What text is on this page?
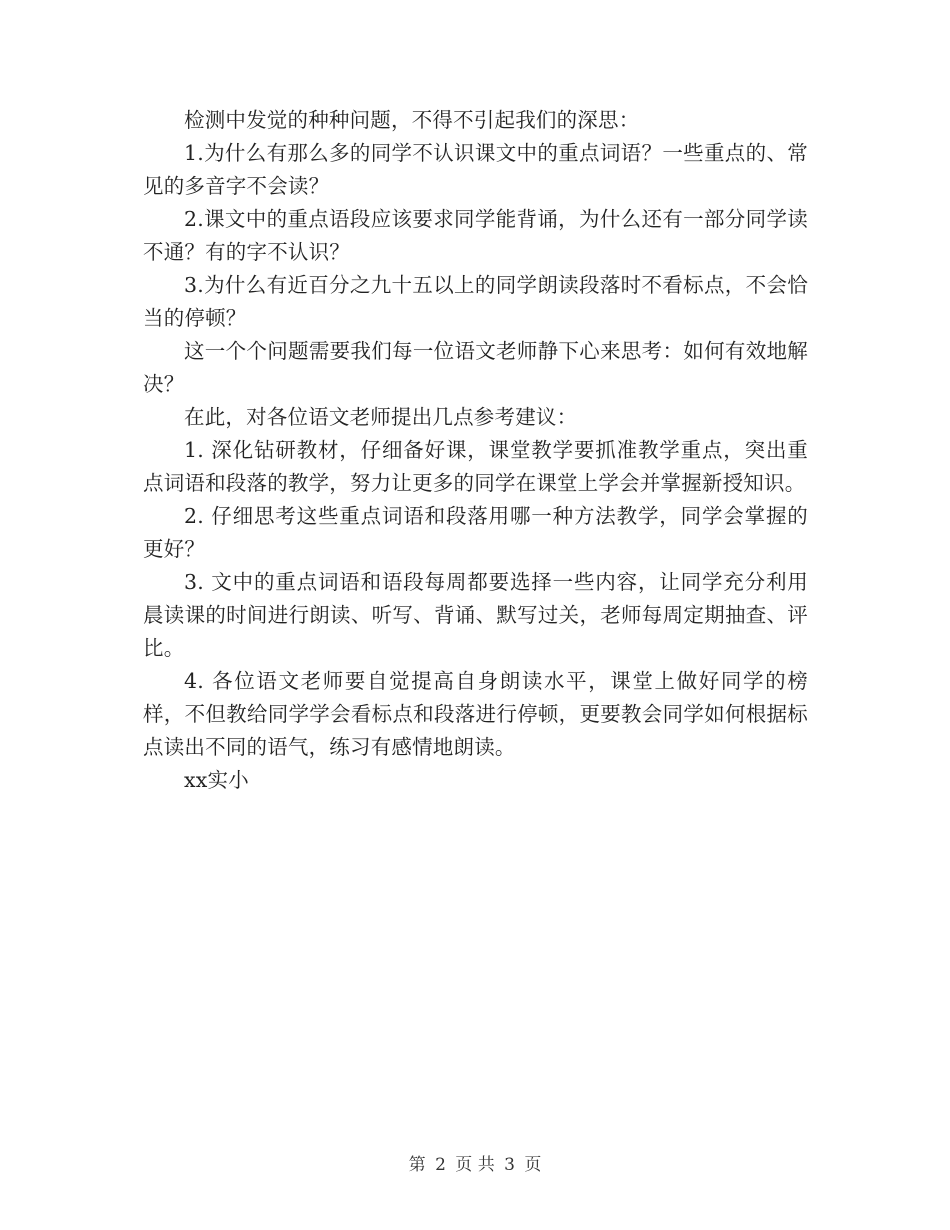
检测中发觉的种种问题，不得不引起我们的深思：

1.为什么有那么多的同学不认识课文中的重点词语？一些重点的、常见的多音字不会读？

2.课文中的重点语段应该要求同学能背诵，为什么还有一部分同学读不通？有的字不认识？

3.为什么有近百分之九十五以上的同学朗读段落时不看标点，不会恰当的停顿？

这一个个问题需要我们每一位语文老师静下心来思考：如何有效地解决？

在此，对各位语文老师提出几点参考建议：

1. 深化钻研教材，仔细备好课，课堂教学要抓准教学重点，突出重点词语和段落的教学，努力让更多的同学在课堂上学会并掌握新授知识。

2. 仔细思考这些重点词语和段落用哪一种方法教学，同学会掌握的更好？

3. 文中的重点词语和语段每周都要选择一些内容，让同学充分利用晨读课的时间进行朗读、听写、背诵、默写过关，老师每周定期抽查、评比。

4. 各位语文老师要自觉提高自身朗读水平，课堂上做好同学的榜样，不但教给同学学会看标点和段落进行停顿，更要教会同学如何根据标点读出不同的语气，练习有感情地朗读。

xx实小

第 2 页 共 3 页
